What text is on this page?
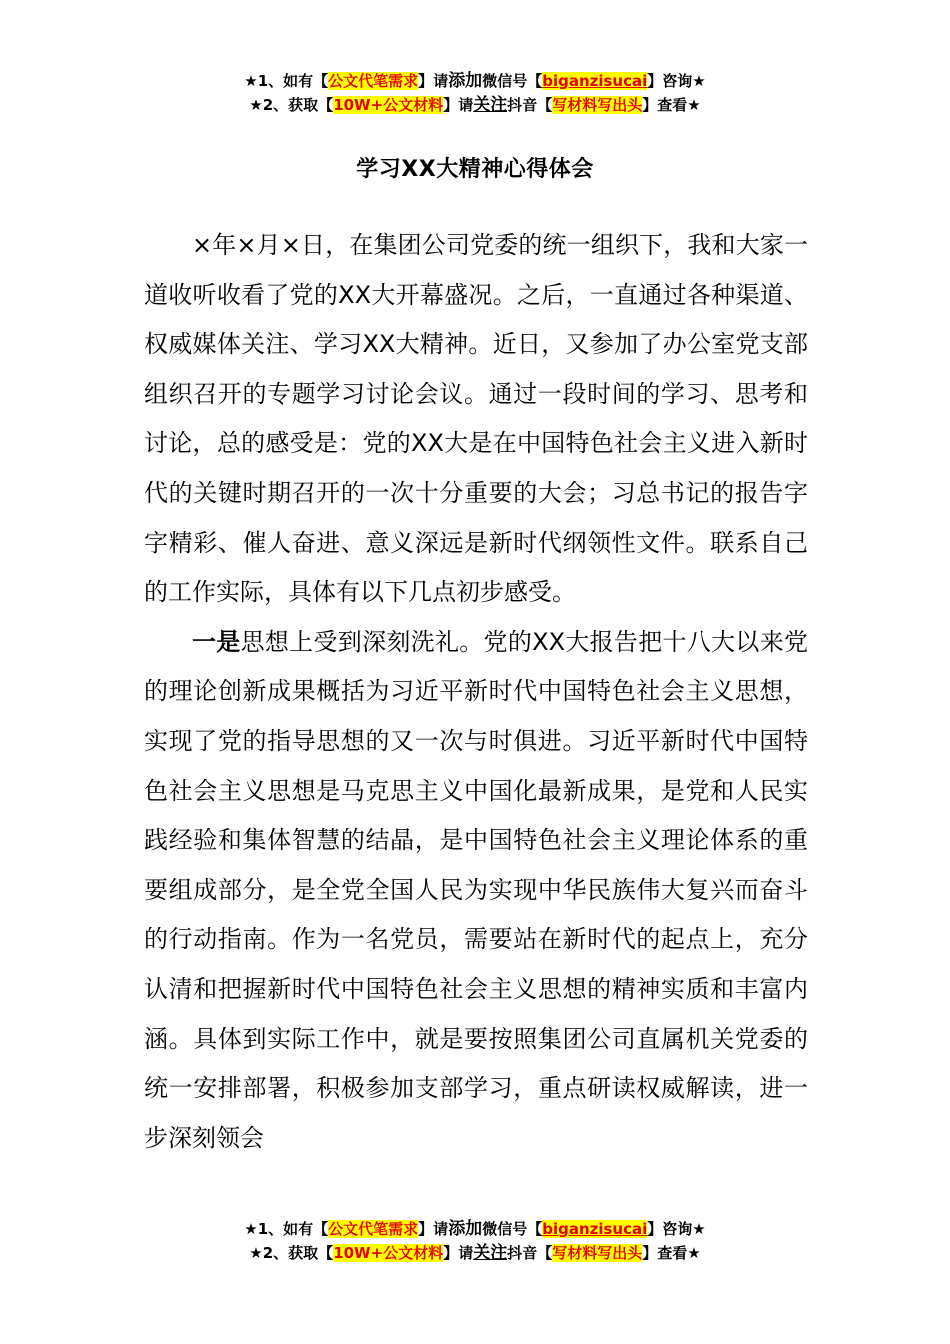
★1、如有【公文代笔需求】请添加微信号【biganzisucai】咨询★
★2、获取【10W+公文材料】请关注抖音【写材料写出头】查看★
学习XX大精神心得体会

×年×月×日，在集团公司党委的统一组织下，我和大家一道收听收看了党的XX大开幕盛况。之后，一直通过各种渠道、权威媒体关注、学习XX大精神。近日，又参加了办公室党支部组织召开的专题学习讨论会议。通过一段时间的学习、思考和讨论，总的感受是：党的XX大是在中国特色社会主义进入新时代的关键时期召开的一次十分重要的大会；习总书记的报告字字精彩、催人奋进、意义深远是新时代纲领性文件。联系自己的工作实际，具体有以下几点初步感受。

一是思想上受到深刻洗礼。党的XX大报告把十八大以来党的理论创新成果概括为习近平新时代中国特色社会主义思想，实现了党的指导思想的又一次与时俱进。习近平新时代中国特色社会主义思想是马克思主义中国化最新成果，是党和人民实践经验和集体智慧的结晶，是中国特色社会主义理论体系的重要组成部分，是全党全国人民为实现中华民族伟大复兴而奋斗的行动指南。作为一名党员，需要站在新时代的起点上，充分认清和把握新时代中国特色社会主义思想的精神实质和丰富内涵。具体到实际工作中，就是要按照集团公司直属机关党委的统一安排部署，积极参加支部学习，重点研读权威解读，进一步深刻领会

★1、如有【公文代笔需求】请添加微信号【biganzisucai】咨询★
★2、获取【10W+公文材料】请关注抖音【写材料写出头】查看★
